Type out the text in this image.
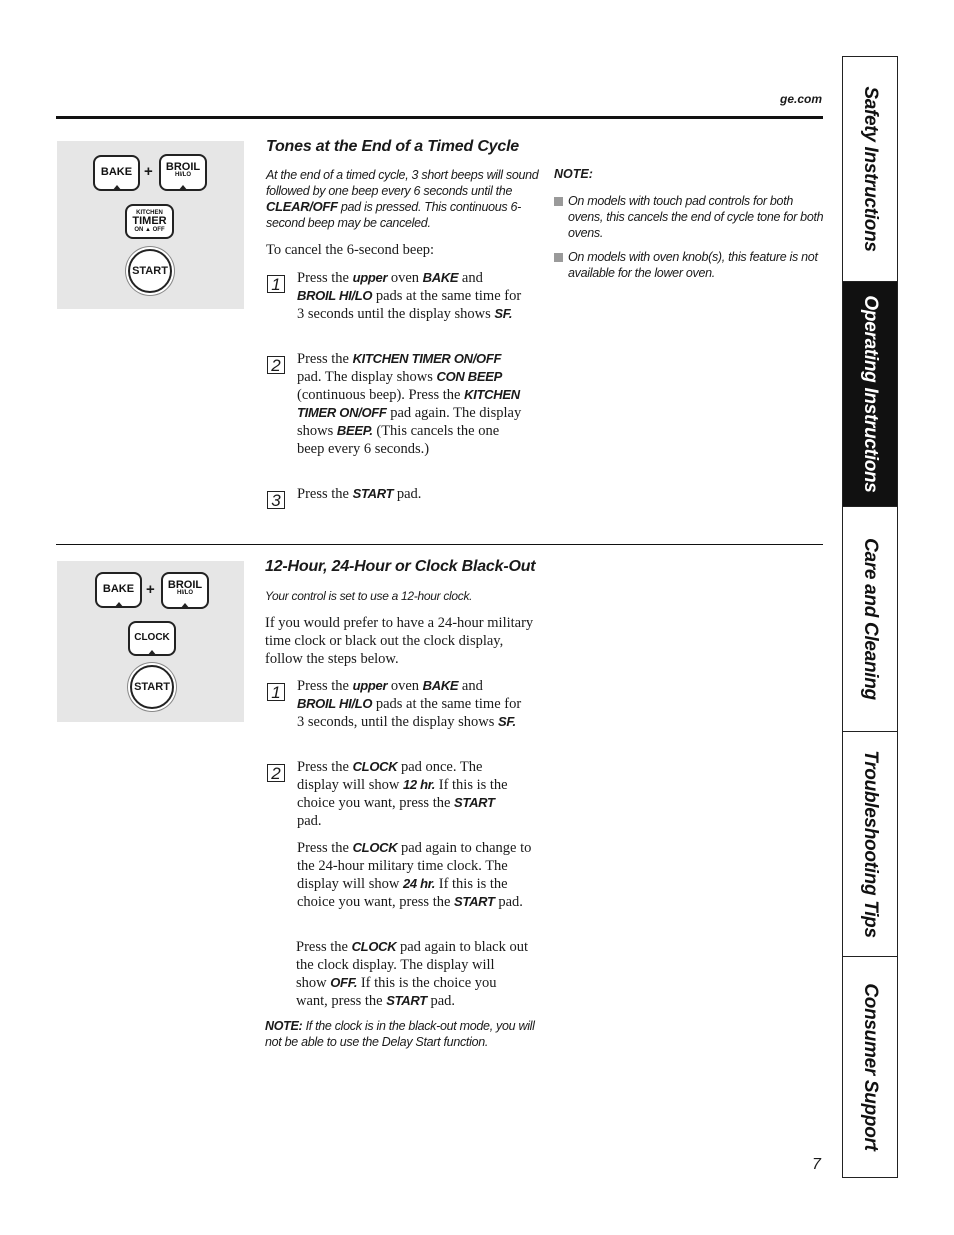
ge.com
BAKE +	BROIL
HI/LO
KITCHEN
TIMER
ON ▲ OFF
START
Tones at the End of a Timed Cycle
At the end of a timed cycle, 3 short beeps will sound followed by one beep every 6 seconds until the CLEAR/OFF pad is pressed. This continuous 6-second beep may be canceled.
To cancel the 6-second beep:
1 Press the upper oven BAKE and BROIL HI/LO pads at the same time for 3 seconds until the display shows SF.
2 Press the KITCHEN TIMER ON/OFF pad. The display shows CON BEEP (continuous beep). Press the KITCHEN TIMER ON/OFF pad again. The display shows BEEP. (This cancels the one beep every 6 seconds.)
3 Press the START pad.
NOTE:
On models with touch pad controls for both ovens, this cancels the end of cycle tone for both ovens.
On models with oven knob(s), this feature is not available for the lower oven.
BAKE +	BROIL
HI/LO
CLOCK
START
12-Hour, 24-Hour or Clock Black-Out
Your control is set to use a 12-hour clock.
If you would prefer to have a 24-hour military time clock or black out the clock display, follow the steps below.
1 Press the upper oven BAKE and BROIL HI/LO pads at the same time for 3 seconds, until the display shows SF.
2 Press the CLOCK pad once. The display will show 12 hr. If this is the choice you want, press the START pad.
Press the CLOCK pad again to change to the 24-hour military time clock. The display will show 24 hr. If this is the choice you want, press the START pad.
Press the CLOCK pad again to black out the clock display. The display will show OFF. If this is the choice you want, press the START pad.
NOTE: If the clock is in the black-out mode, you will not be able to use the Delay Start function.
Safety Instructions
Operating Instructions
Care and Cleaning
Troubleshooting Tips
Consumer Support
7
